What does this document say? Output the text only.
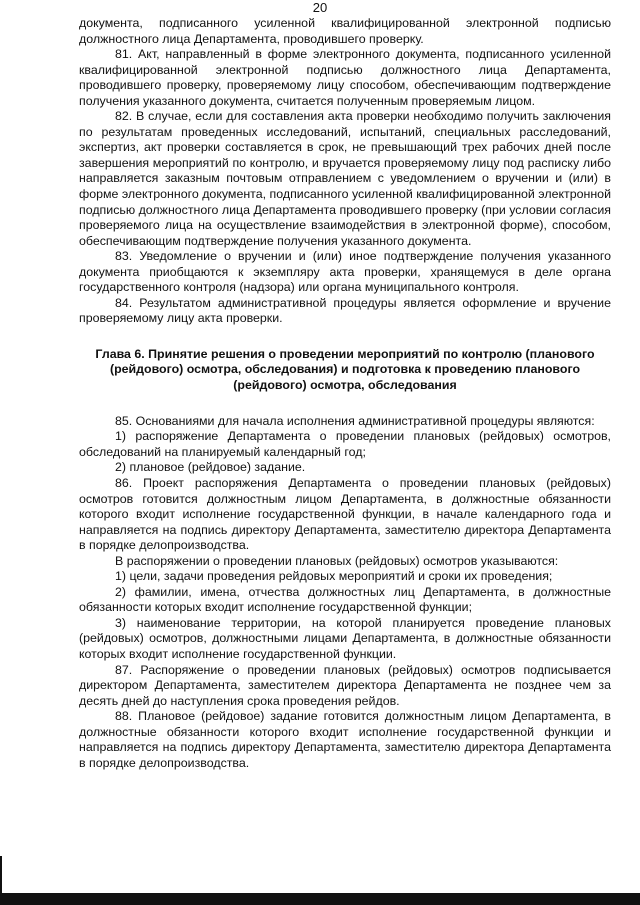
20

документа, подписанного усиленной квалифицированной электронной подписью должностного лица Департамента, проводившего проверку.

81. Акт, направленный в форме электронного документа, подписанного усиленной квалифицированной электронной подписью должностного лица Департамента, проводившего проверку, проверяемому лицу способом, обеспечивающим подтверждение получения указанного документа, считается полученным проверяемым лицом.

82. В случае, если для составления акта проверки необходимо получить заключения по результатам проведенных исследований, испытаний, специальных расследований, экспертиз, акт проверки составляется в срок, не превышающий трех рабочих дней после завершения мероприятий по контролю, и вручается проверяемому лицу под расписку либо направляется заказным почтовым отправлением с уведомлением о вручении и (или) в форме электронного документа, подписанного усиленной квалифицированной электронной подписью должностного лица Департамента проводившего проверку (при условии согласия проверяемого лица на осуществление взаимодействия в электронной форме), способом, обеспечивающим подтверждение получения указанного документа.

83. Уведомление о вручении и (или) иное подтверждение получения указанного документа приобщаются к экземпляру акта проверки, хранящемуся в деле органа государственного контроля (надзора) или органа муниципального контроля.

84. Результатом административной процедуры является оформление и вручение проверяемому лицу акта проверки.

Глава 6. Принятие решения о проведении мероприятий по контролю (планового (рейдового) осмотра, обследования) и подготовка к проведению планового (рейдового) осмотра, обследования

85. Основаниями для начала исполнения административной процедуры являются:

1) распоряжение Департамента о проведении плановых (рейдовых) осмотров, обследований на планируемый календарный год;

2) плановое (рейдовое) задание.

86. Проект распоряжения Департамента о проведении плановых (рейдовых) осмотров готовится должностным лицом Департамента, в должностные обязанности которого входит исполнение государственной функции, в начале календарного года и направляется на подпись директору Департамента, заместителю директора Департамента в порядке делопроизводства.

В распоряжении о проведении плановых (рейдовых) осмотров указываются:

1) цели, задачи проведения рейдовых мероприятий и сроки их проведения;

2) фамилии, имена, отчества должностных лиц Департамента, в должностные обязанности которых входит исполнение государственной функции;

3) наименование территории, на которой планируется проведение плановых (рейдовых) осмотров, должностными лицами Департамента, в должностные обязанности которых входит исполнение государственной функции.

87. Распоряжение о проведении плановых (рейдовых) осмотров подписывается директором Департамента, заместителем директора Департамента не позднее чем за десять дней до наступления срока проведения рейдов.

88. Плановое (рейдовое) задание готовится должностным лицом Департамента, в должностные обязанности которого входит исполнение государственной функции и направляется на подпись директору Департамента, заместителю директора Департамента в порядке делопроизводства.
